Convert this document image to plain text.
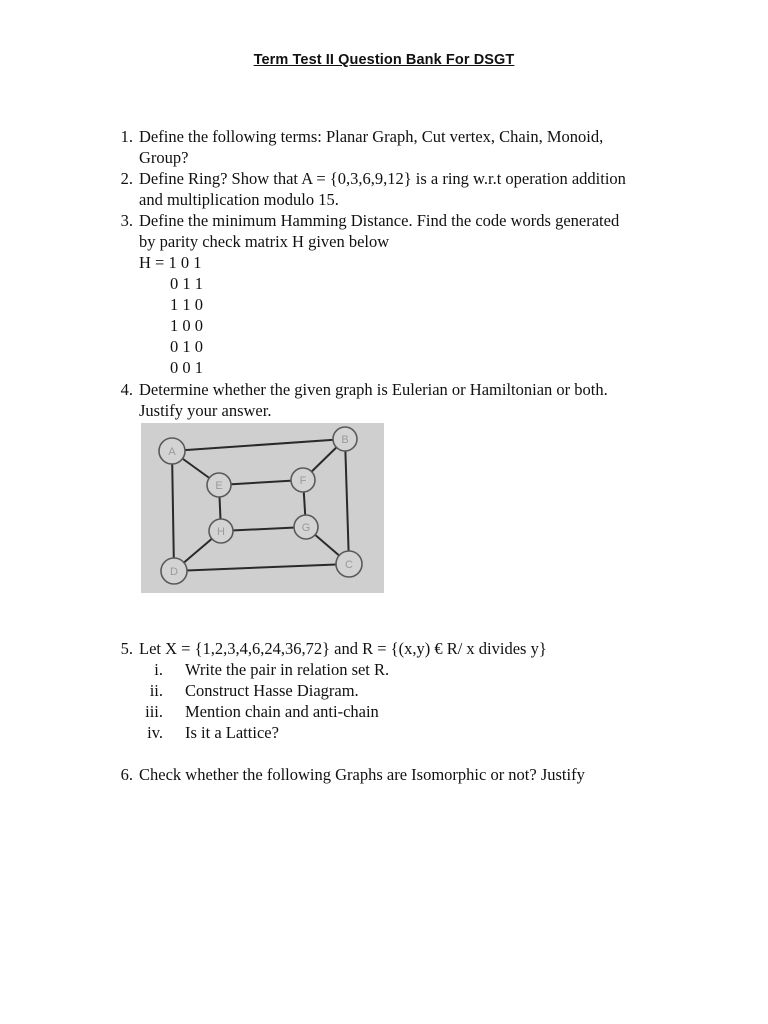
Term Test II Question Bank For DSGT
1. Define the following terms: Planar Graph, Cut vertex, Chain, Monoid,
Group?
2. Define Ring? Show that A = {0,3,6,9,12} is a ring w.r.t operation addition
and multiplication modulo 15.
3. Define the minimum Hamming Distance. Find the code words generated
by parity check matrix H given below
H = 1 0 1
0 1 1
1 1 0
1 0 0
0 1 0
0 0 1
4. Determine whether the given graph is Eulerian or Hamiltonian or both.
Justify your answer.
A
B
C
D
E	F
G
H
5. Let X = {1,2,3,4,6,24,36,72} and R = {(x,y) € R/ x divides y}
i. Write the pair in relation set R.
ii. Construct Hasse Diagram.
iii. Mention chain and anti-chain
iv. Is it a Lattice?
6. Check whether the following Graphs are Isomorphic or not? Justify
